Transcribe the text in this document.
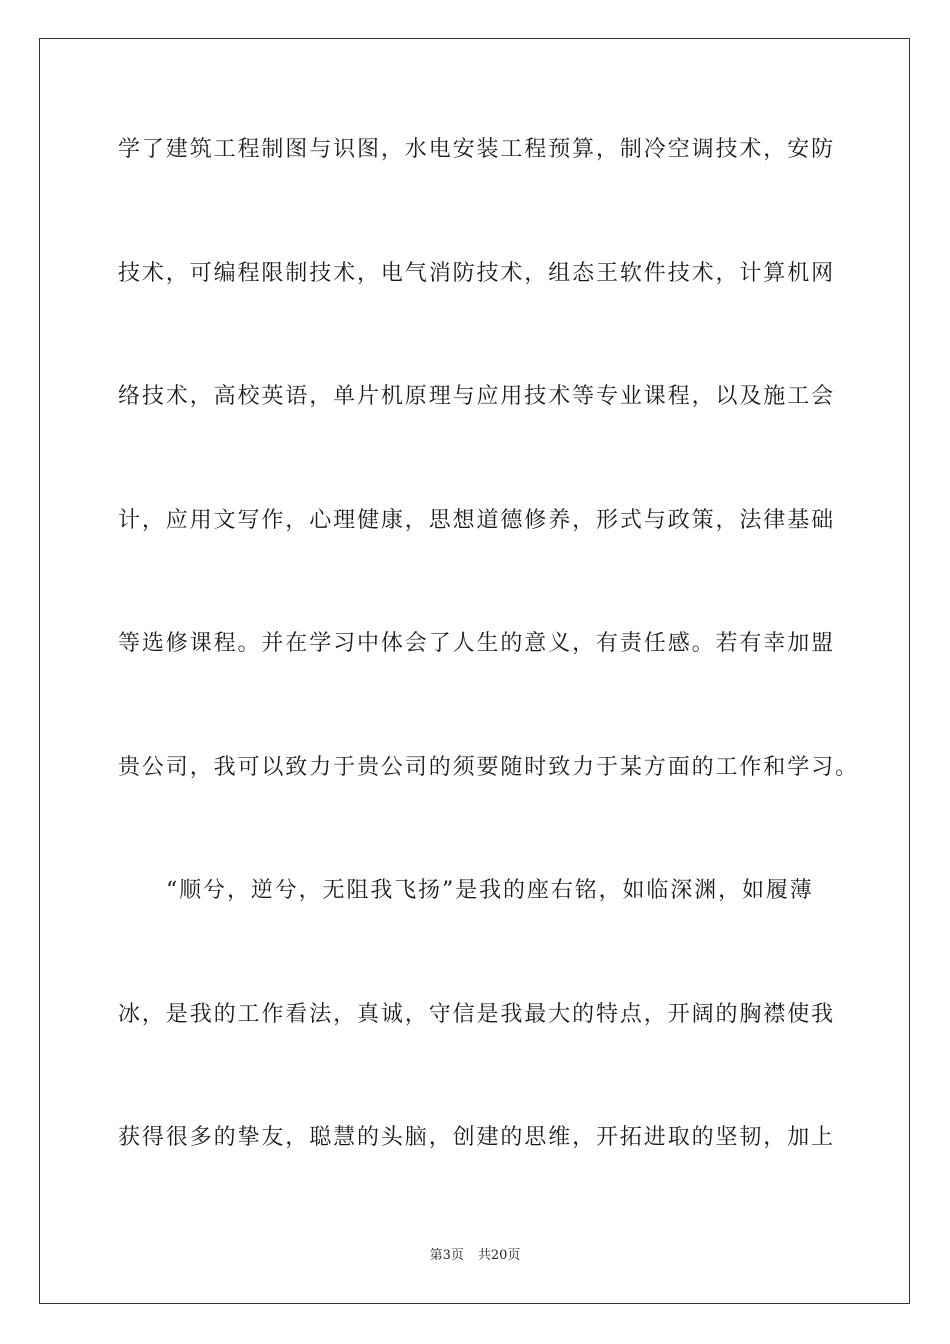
学了建筑工程制图与识图，水电安装工程预算，制冷空调技术，安防
技术，可编程限制技术，电气消防技术，组态王软件技术，计算机网
络技术，高校英语，单片机原理与应用技术等专业课程，以及施工会
计，应用文写作，心理健康，思想道德修养，形式与政策，法律基础
等选修课程。并在学习中体会了人生的意义，有责任感。若有幸加盟
贵公司，我可以致力于贵公司的须要随时致力于某方面的工作和学习。
“顺兮，逆兮，无阻我飞扬”是我的座右铭，如临深渊，如履薄
冰，是我的工作看法，真诚，守信是我最大的特点，开阔的胸襟使我
获得很多的挚友，聪慧的头脑，创建的思维，开拓进取的坚韧，加上
第3页 共20页
